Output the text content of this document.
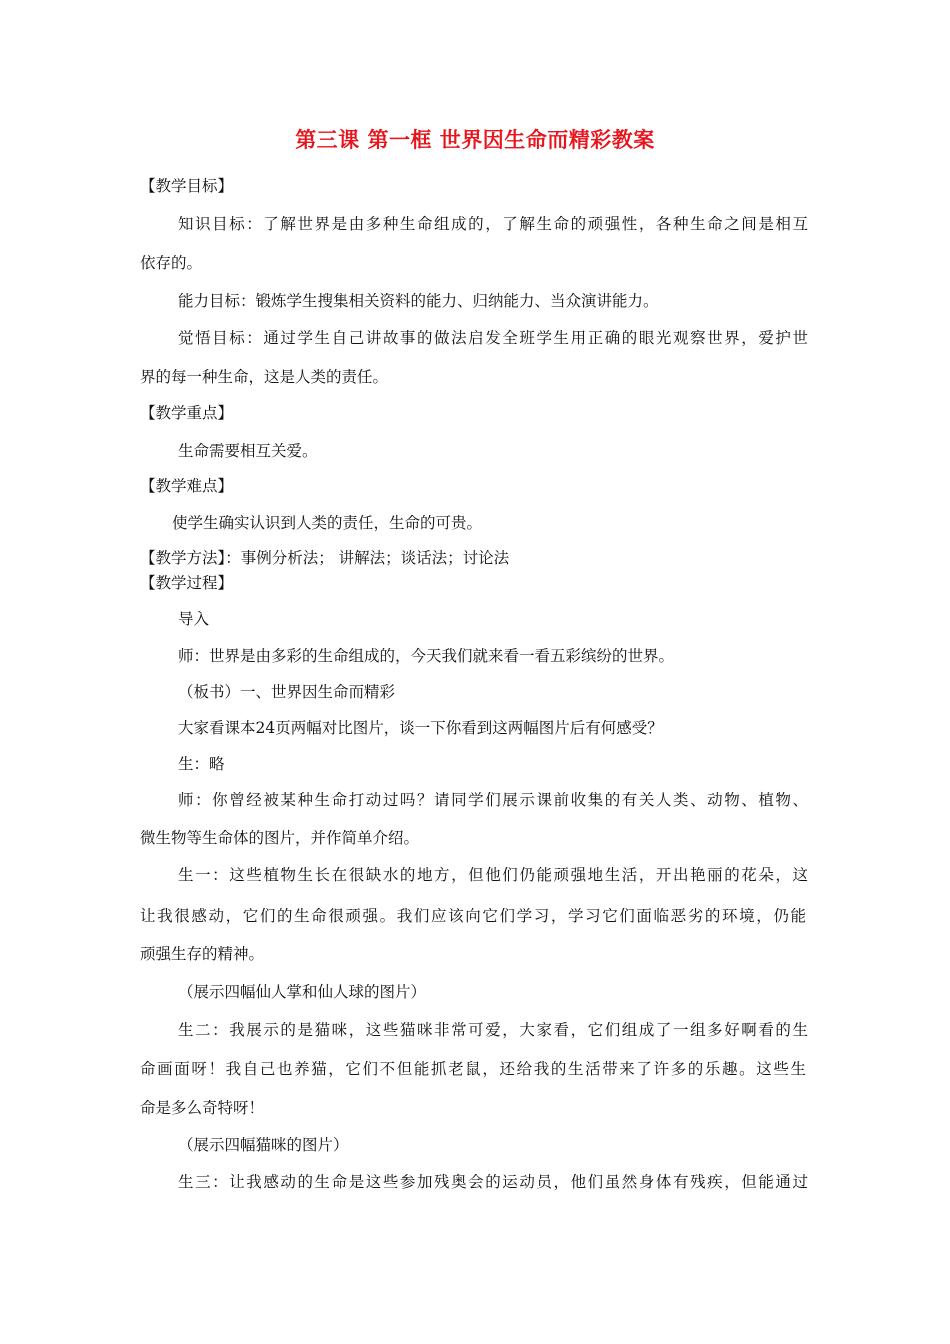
第三课 第一框 世界因生命而精彩教案
【教学目标】
知识目标：了解世界是由多种生命组成的，了解生命的顽强性，各种生命之间是相互
依存的。
能力目标：锻炼学生搜集相关资料的能力、归纳能力、当众演讲能力。
觉悟目标：通过学生自己讲故事的做法启发全班学生用正确的眼光观察世界，爱护世
界的每一种生命，这是人类的责任。
【教学重点】
生命需要相互关爱。
【教学难点】
使学生确实认识到人类的责任，生命的可贵。
【教学方法】：事例分析法； 讲解法；谈话法；讨论法
【教学过程】
导入
师：世界是由多彩的生命组成的，今天我们就来看一看五彩缤纷的世界。
（板书）一、世界因生命而精彩
大家看课本24页两幅对比图片，谈一下你看到这两幅图片后有何感受？
生：略
师：你曾经被某种生命打动过吗？请同学们展示课前收集的有关人类、动物、植物、
微生物等生命体的图片，并作简单介绍。
生一：这些植物生长在很缺水的地方，但他们仍能顽强地生活，开出艳丽的花朵，这
让我很感动，它们的生命很顽强。我们应该向它们学习，学习它们面临恶劣的环境，仍能
顽强生存的精神。
（展示四幅仙人掌和仙人球的图片）
生二：我展示的是猫咪，这些猫咪非常可爱，大家看，它们组成了一组多好啊看的生
命画面呀！我自己也养猫，它们不但能抓老鼠，还给我的生活带来了许多的乐趣。这些生
命是多么奇特呀！
（展示四幅猫咪的图片）
生三：让我感动的生命是这些参加残奥会的运动员，他们虽然身体有残疾，但能通过
